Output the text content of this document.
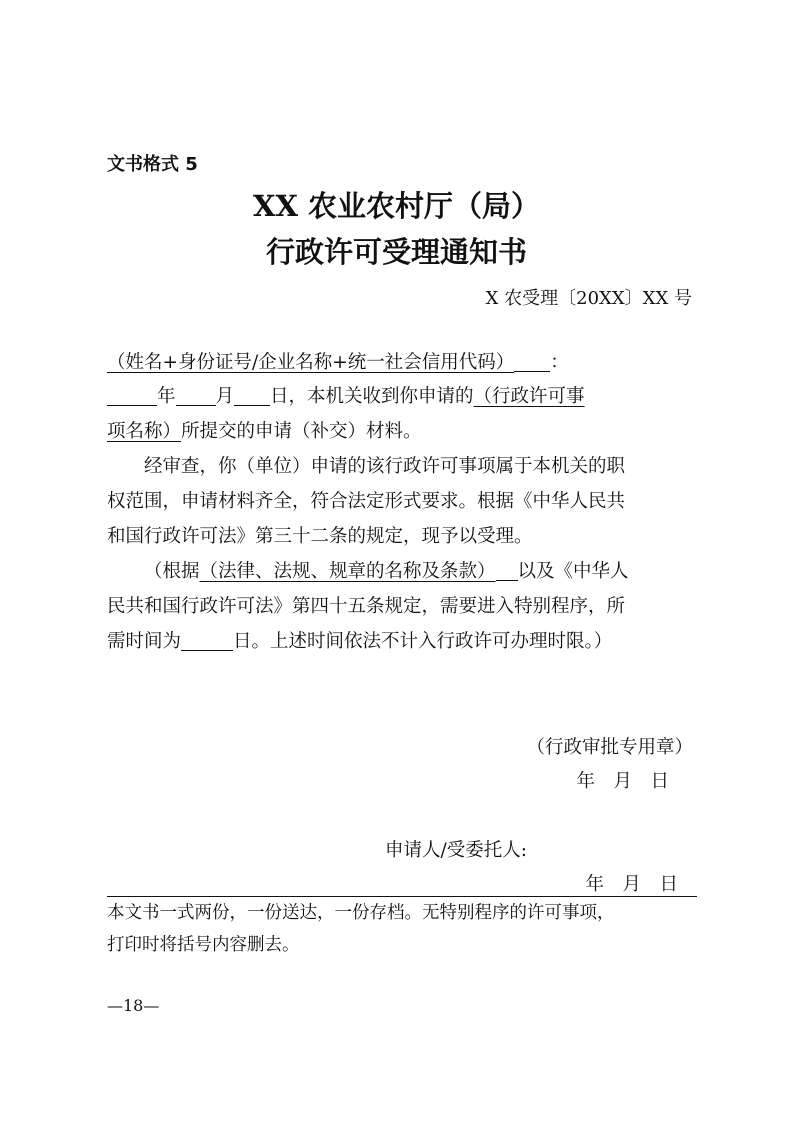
文书格式 5
XX 农业农村厅（局）
行政许可受理通知书
X 农受理〔20XX〕XX 号
（姓名+身份证号/企业名称+统一社会信用代码） ：
年 月 日，本机关收到你申请的（行政许可事
项名称）所提交的申请（补交）材料。
经审查，你（单位）申请的该行政许可事项属于本机关的职
权范围，申请材料齐全，符合法定形式要求。根据《中华人民共
和国行政许可法》第三十二条的规定，现予以受理。
（根据（法律、法规、规章的名称及条款） 以及《中华人
民共和国行政许可法》第四十五条规定，需要进入特别程序，所
需时间为	日。上述时间依法不计入行政许可办理时限。）
（行政审批专用章）
年　月　日
申请人/受委托人:
年　月　日
本文书一式两份，一份送达，一份存档。无特别程序的许可事项，
打印时将括号内容删去。
—18—
